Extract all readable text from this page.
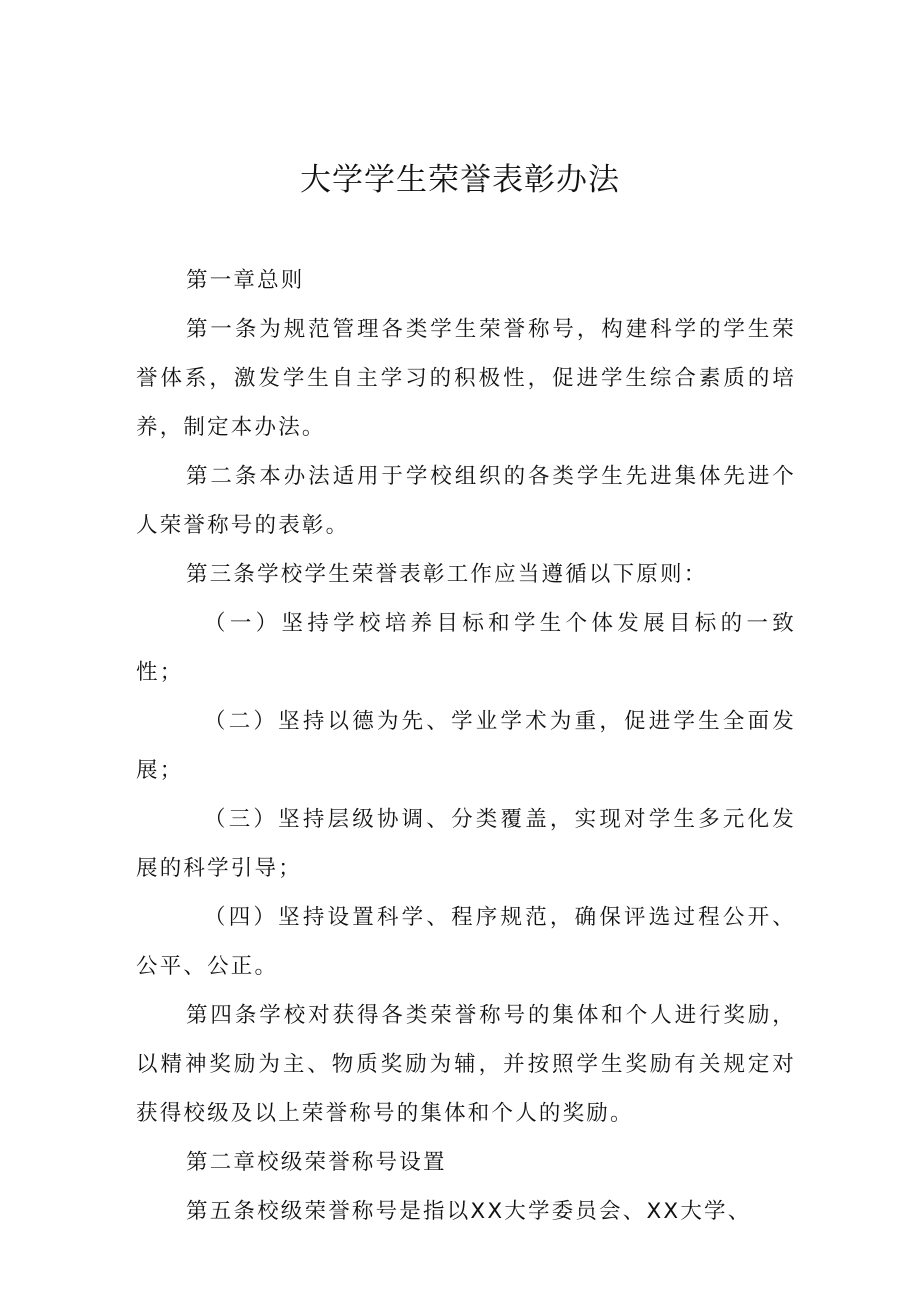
大学学生荣誉表彰办法

第一章总则

第一条为规范管理各类学生荣誉称号，构建科学的学生荣誉体系，激发学生自主学习的积极性，促进学生综合素质的培养，制定本办法。

第二条本办法适用于学校组织的各类学生先进集体先进个人荣誉称号的表彰。

第三条学校学生荣誉表彰工作应当遵循以下原则：

（一）坚持学校培养目标和学生个体发展目标的一致性；

（二）坚持以德为先、学业学术为重，促进学生全面发展；

（三）坚持层级协调、分类覆盖，实现对学生多元化发展的科学引导；

（四）坚持设置科学、程序规范，确保评选过程公开、公平、公正。

第四条学校对获得各类荣誉称号的集体和个人进行奖励，以精神奖励为主、物质奖励为辅，并按照学生奖励有关规定对获得校级及以上荣誉称号的集体和个人的奖励。

第二章校级荣誉称号设置

第五条校级荣誉称号是指以XX大学委员会、XX大学、
